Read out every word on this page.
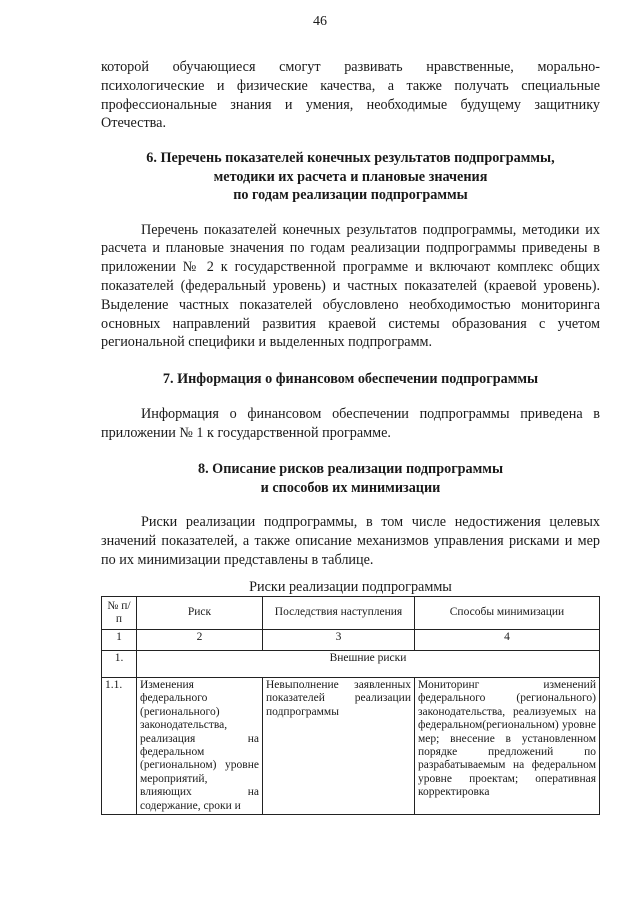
46

которой обучающиеся смогут развивать нравственные, морально-психологические и физические качества, а также получать специальные профессиональные знания и умения, необходимые будущему защитнику Отечества.

6. Перечень показателей конечных результатов подпрограммы,
методики их расчета и плановые значения
по годам реализации подпрограммы

Перечень показателей конечных результатов подпрограммы, методики их расчета и плановые значения по годам реализации подпрограммы приведены в приложении № 2 к государственной программе и включают комплекс общих показателей (федеральный уровень) и частных показателей (краевой уровень). Выделение частных показателей обусловлено необходимостью мониторинга основных направлений развития краевой системы образования с учетом региональной специфики и выделенных подпрограмм.

7. Информация о финансовом обеспечении подпрограммы

Информация о финансовом обеспечении подпрограммы приведена в приложении № 1 к государственной программе.

8. Описание рисков реализации подпрограммы
и способов их минимизации

Риски реализации подпрограммы, в том числе недостижения целевых значений показателей, а также описание механизмов управления рисками и мер по их минимизации представлены в таблице.

Риски реализации подпрограммы
№ п/п	Риск	Последствия наступления	Способы минимизации
1	2	3	4
1.	Внешние риски		
1.1.	Изменения федерального (регионального) законодательства, реализация на федеральном (региональном) уровне мероприятий, влияющих на содержание, сроки и	Невыполнение заявленных показателей реализации подпрограммы	Мониторинг изменений федерального (регионального) законодательства, реализуемых на федеральном(региональном) уровне мер; внесение в установленном порядке предложений по разрабатываемым на федеральном уровне проектам; оперативная корректировка
